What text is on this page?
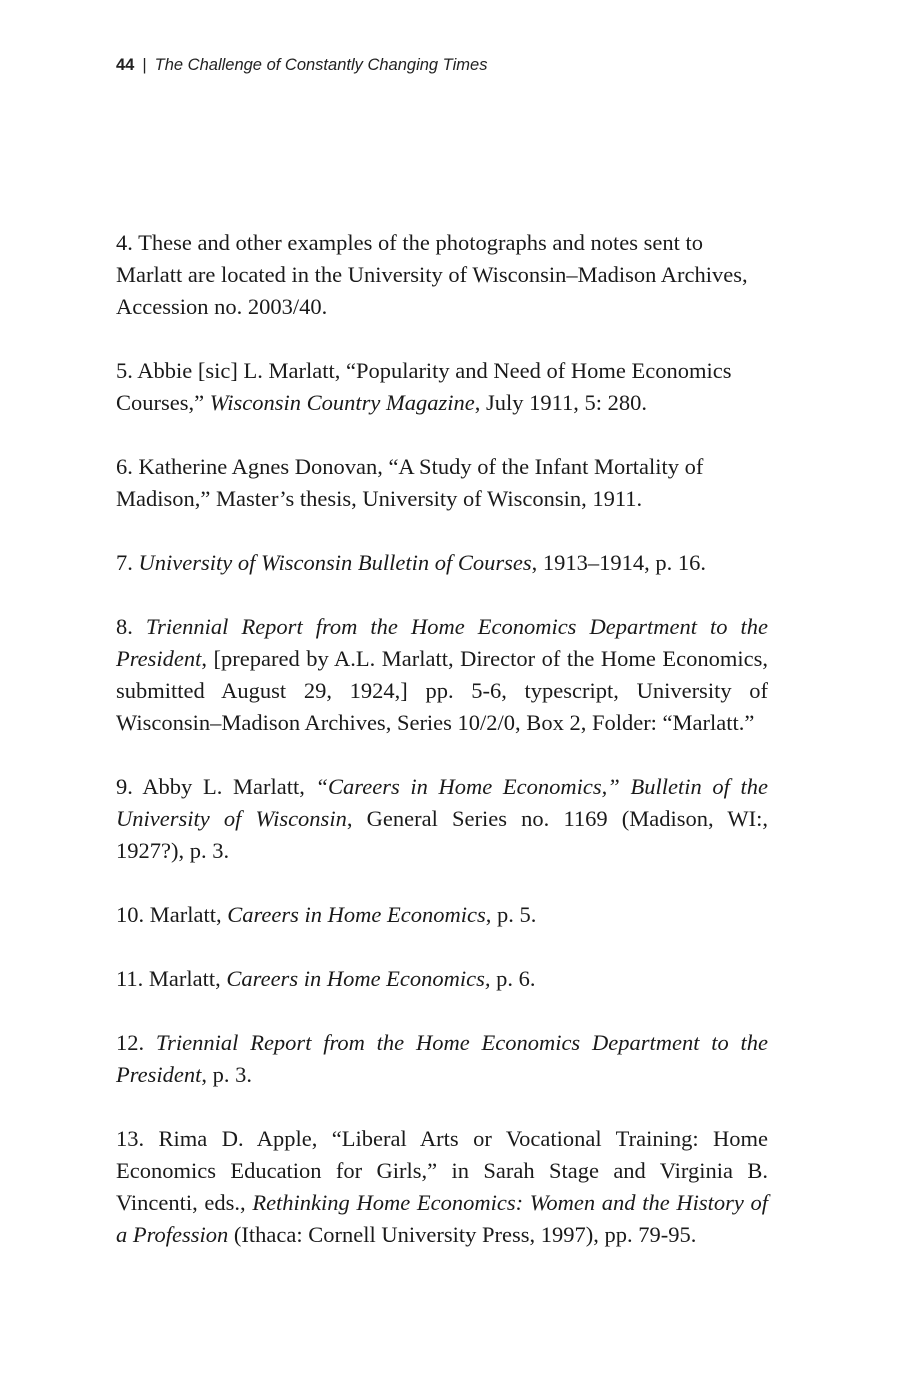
44 | The Challenge of Constantly Changing Times

4. These and other examples of the photographs and notes sent to Marlatt are located in the University of Wisconsin–Madison Archives, Accession no. 2003/40.

5. Abbie [sic] L. Marlatt, “Popularity and Need of Home Economics Courses,” Wisconsin Country Magazine, July 1911, 5: 280.

6. Katherine Agnes Donovan, “A Study of the Infant Mortality of Madison,” Master’s thesis, University of Wisconsin, 1911.

7. University of Wisconsin Bulletin of Courses, 1913–1914, p. 16.

8. Triennial Report from the Home Economics Department to the President, [prepared by A.L. Marlatt, Director of the Home Economics, submitted August 29, 1924,] pp. 5-6, typescript, University of Wisconsin–Madison Archives, Series 10/2/0, Box 2, Folder: “Marlatt.”

9. Abby L. Marlatt, “Careers in Home Economics,” Bulletin of the University of Wisconsin, General Series no. 1169 (Madison, WI:, 1927?), p. 3.

10. Marlatt, Careers in Home Economics, p. 5.

11. Marlatt, Careers in Home Economics, p. 6.

12. Triennial Report from the Home Economics Department to the President, p. 3.

13. Rima D. Apple, “Liberal Arts or Vocational Training: Home Economics Education for Girls,” in Sarah Stage and Virginia B. Vincenti, eds., Rethinking Home Economics: Women and the History of a Profession (Ithaca: Cornell University Press, 1997), pp. 79-95.
